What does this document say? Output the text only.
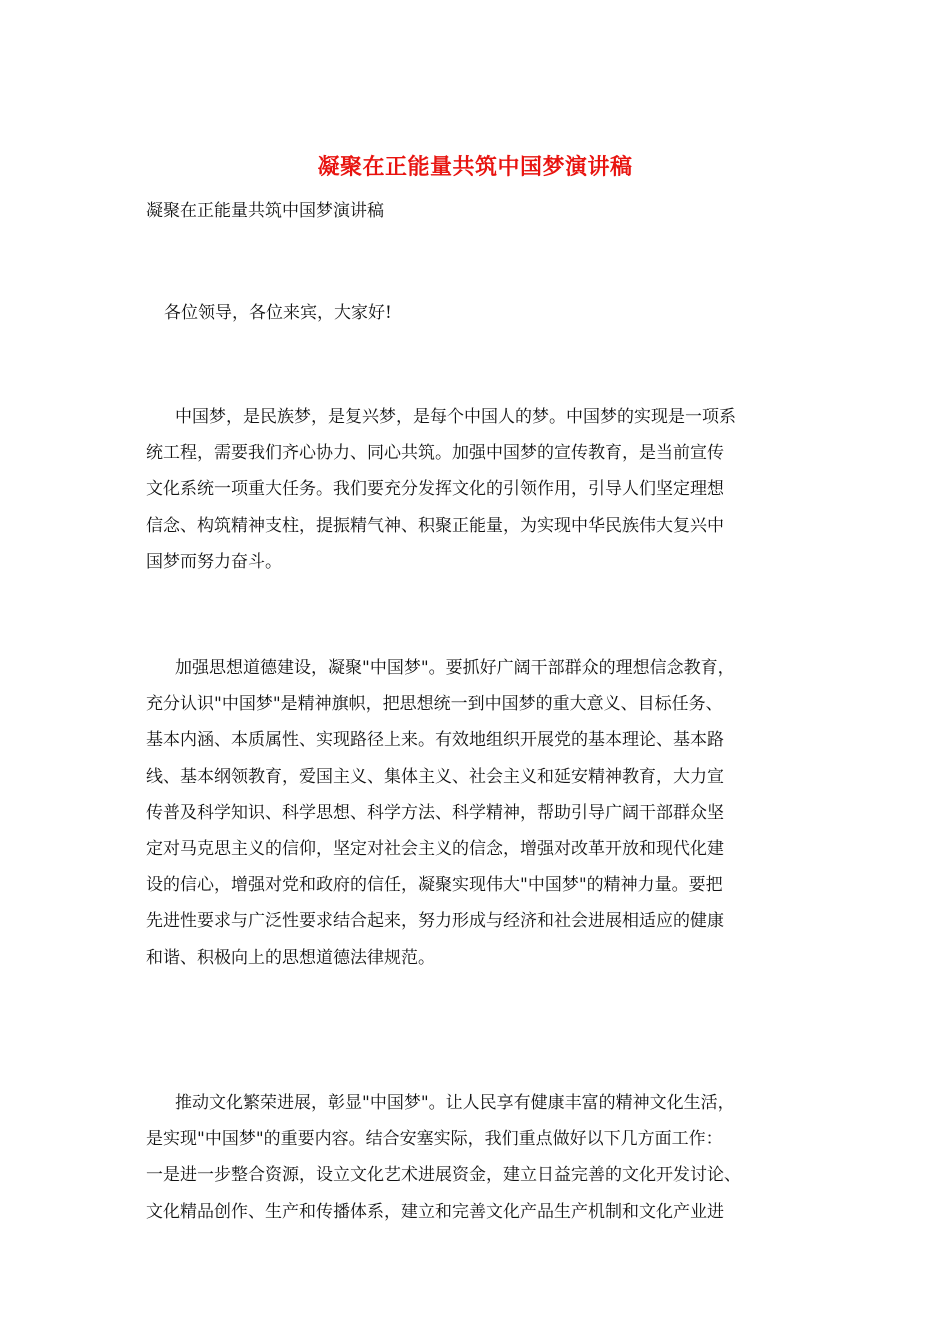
凝聚在正能量共筑中国梦演讲稿
凝聚在正能量共筑中国梦演讲稿
各位领导，各位来宾，大家好!
中国梦，是民族梦，是复兴梦，是每个中国人的梦。中国梦的实现是一项系
统工程，需要我们齐心协力、同心共筑。加强中国梦的宣传教育，是当前宣传
文化系统一项重大任务。我们要充分发挥文化的引领作用，引导人们坚定理想
信念、构筑精神支柱，提振精气神、积聚正能量，为实现中华民族伟大复兴中
国梦而努力奋斗。
加强思想道德建设，凝聚"中国梦"。要抓好广阔干部群众的理想信念教育，
充分认识"中国梦"是精神旗帜，把思想统一到中国梦的重大意义、目标任务、
基本内涵、本质属性、实现路径上来。有效地组织开展党的基本理论、基本路
线、基本纲领教育，爱国主义、集体主义、社会主义和延安精神教育，大力宣
传普及科学知识、科学思想、科学方法、科学精神，帮助引导广阔干部群众坚
定对马克思主义的信仰，坚定对社会主义的信念，增强对改革开放和现代化建
设的信心，增强对党和政府的信任，凝聚实现伟大"中国梦"的精神力量。要把
先进性要求与广泛性要求结合起来，努力形成与经济和社会进展相适应的健康
和谐、积极向上的思想道德法律规范。
推动文化繁荣进展，彰显"中国梦"。让人民享有健康丰富的精神文化生活，
是实现"中国梦"的重要内容。结合安塞实际，我们重点做好以下几方面工作：
一是进一步整合资源，设立文化艺术进展资金，建立日益完善的文化开发讨论、
文化精品创作、生产和传播体系，建立和完善文化产品生产机制和文化产业进
